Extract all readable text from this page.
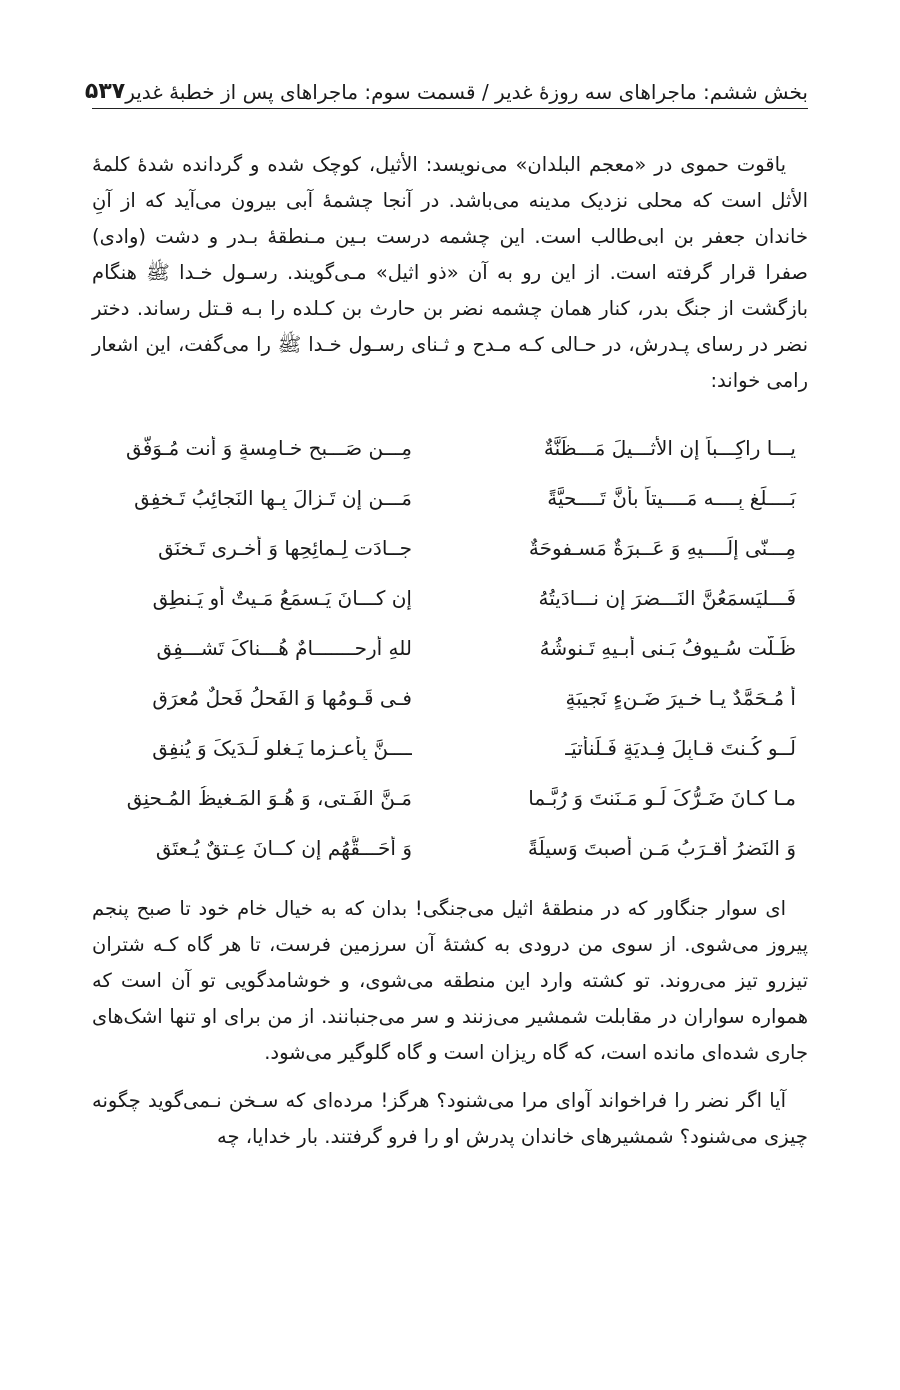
بخش ششم: ماجراهای سه روزهٔ غدیر / قسمت سوم: ماجراهای پس از خطبهٔ غدیر
۵۳۷

یاقوت حموی در «معجم البلدان» می‌نویسد: الأثیل، کوچک شده و گردانده شدهٔ کلمهٔ الأثل است که محلی نزدیک مدینه می‌باشد. در آنجا چشمهٔ آبی بیرون می‌آید که از آنِ خاندان جعفر بن ابی‌طالب است. این چشمه درست بـین مـنطقهٔ بـدر و دشت (وادی) صفرا قرار گرفته است. از این رو به آن «ذو اثیل» مـی‌گویند. رسـول خـدا ﷺ هنگام بازگشت از جنگ بدر، کنار همان چشمه نضر بن حارث بن کـلده را بـه قـتل رساند. دختر نضر در رسای پـدرش، در حـالی کـه مـدح و ثـنای رسـول خـدا ﷺ را می‌گفت، این اشعار رامی خواند:

یـــا راکِـــباً إن الأثـــیلَ مَـــظَنَّةٌ
مِـــن صَـــبحِ خـامِسةٍ وَ أنت مُـوَفَّق
بَــــلِّغ بِــــه مَــــیتاً بأنَّ تَــــحیَّةً
مَـــن إن تَـزالَ بِـها النَجائِبُ تَـخفِق
مِـــنّی إلَــــیهِ وَ عَــبرَةٌ مَسـفوحَةٌ
جــادَت لِـمائِحِها وَ أُخـری تَـخنَق
فَـــلیَسمَعُنَّ النَـــضرَ إن نـــادَیتُهُ
إن کـــانَ یَـسمَعُ مَـیتٌ أو یَـنطِق
ظَـلَّت سُـیوفُ بَـنی أبـیهِ تَـنوشُهُ
للهِ أرحـــــــامٌ هُـــناکَ تَشـــفِق
أ مُـحَمَّدٌ یـا خـیرَ ضَـنءٍ نَجیبَةٍ
فـی قَـومُها وَ الفَحلُ فَحلٌ مُعرَق
لَــو کُـنتَ قـابِلَ فِـدیَةٍ فَـلَنأتیَـ
ــــنَّ بِأعـزما یَـغلو لَـدَیکَ وَ یُنفِق
مـا کـانَ ضَـرُّکَ لَـو مَـنَنتَ وَ رُبَّـما
مَـنَّ الفَـتی، وَ هُـوَ المَـغیظُ المُـحنِق
وَ النَضرُ أقـرَبُ مَـن أصبتَ وَسیلَةً
وَ أحَـــقُّهُم إن کــانَ عِـتقٌ یُـعتَق

ای سوار جنگاور که در منطقهٔ اثیل می‌جنگی! بدان که به خیال خام خود تا صبح پنجم پیروز می‌شوی. از سوی من درودی به کشتهٔ آن سرزمین فرست، تا هر گاه کـه شتران تیزرو تیز می‌روند. تو کشته وارد این منطقه می‌شوی، و خوشامدگویی تو آن است که همواره سواران در مقابلت شمشیر می‌زنند و سر می‌جنبانند. از من برای او تنها اشک‌های جاری شده‌ای مانده است، که گاه ریزان است و گاه گلوگیر می‌شود.

آیا اگر نضر را فراخواند آوای مرا می‌شنود؟ هرگز! مرده‌ای که سـخن نـمی‌گوید چگونه چیزی می‌شنود؟ شمشیرهای خاندان پدرش او را فرو گرفتند. بار خدایا، چه
